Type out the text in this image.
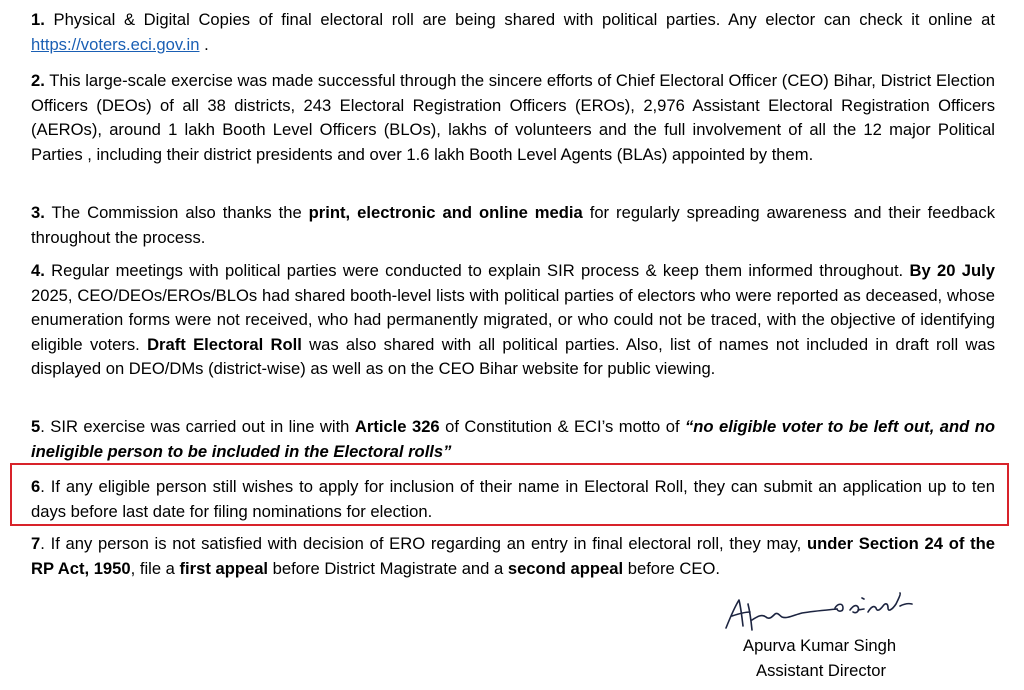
1. Physical & Digital Copies of final electoral roll are being shared with political parties. Any elector can check it online at https://voters.eci.gov.in .

2. This large-scale exercise was made successful through the sincere efforts of Chief Electoral Officer (CEO) Bihar, District Election Officers (DEOs) of all 38 districts, 243 Electoral Registration Officers (EROs), 2,976 Assistant Electoral Registration Officers (AEROs), around 1 lakh Booth Level Officers (BLOs), lakhs of volunteers and the full involvement of all the 12 major Political Parties , including their district presidents and over 1.6 lakh Booth Level Agents (BLAs) appointed by them.

3. The Commission also thanks the print, electronic and online media for regularly spreading awareness and their feedback throughout the process.

4. Regular meetings with political parties were conducted to explain SIR process & keep them informed throughout. By 20 July 2025, CEO/DEOs/EROs/BLOs had shared booth-level lists with political parties of electors who were reported as deceased, whose enumeration forms were not received, who had permanently migrated, or who could not be traced, with the objective of identifying eligible voters. Draft Electoral Roll was also shared with all political parties. Also, list of names not included in draft roll was displayed on DEO/DMs (district-wise) as well as on the CEO Bihar website for public viewing.

5. SIR exercise was carried out in line with Article 326 of Constitution & ECI’s motto of “no eligible voter to be left out, and no ineligible person to be included in the Electoral rolls”

6. If any eligible person still wishes to apply for inclusion of their name in Electoral Roll, they can submit an application up to ten days before last date for filing nominations for election.

7. If any person is not satisfied with decision of ERO regarding an entry in final electoral roll, they may, under Section 24 of the RP Act, 1950, file a first appeal before District Magistrate and a second appeal before CEO.

Apurva Kumar Singh
Assistant Director
